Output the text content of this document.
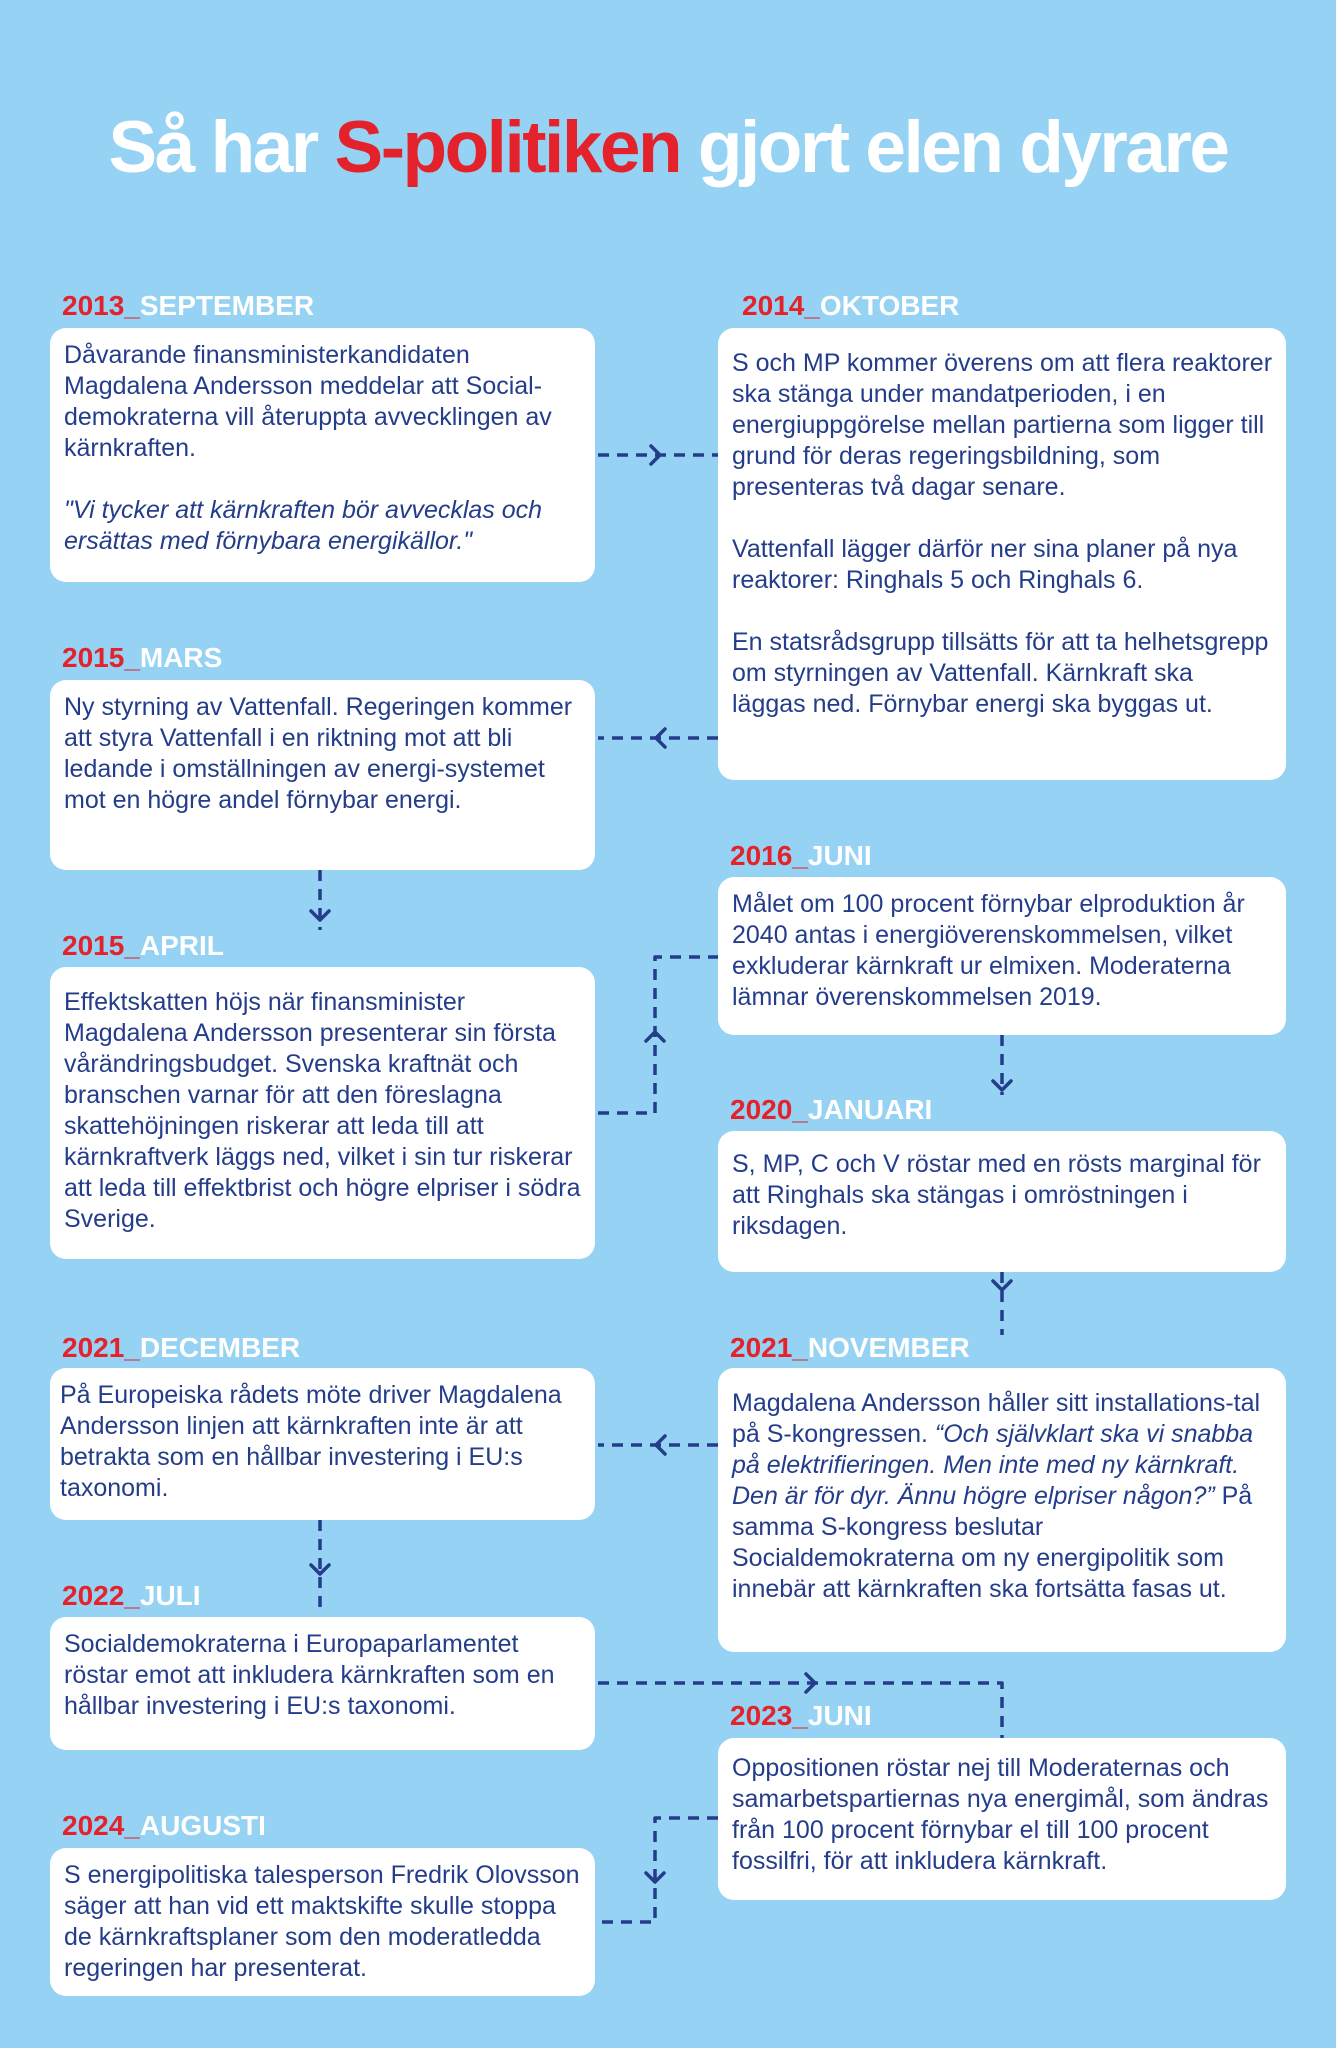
Så har S-politiken gjort elen dyrare
2013_SEPTEMBER

Dåvarande finansministerkandidaten Magdalena Andersson meddelar att Social-demokraterna vill återuppta avvecklingen av kärnkraften.

"Vi tycker att kärnkraften bör avvecklas och ersättas med förnybara energikällor."

2014_OKTOBER

S och MP kommer överens om att flera reaktorer ska stänga under mandatperioden, i en energiuppgörelse mellan partierna som ligger till grund för deras regeringsbildning, som presenteras två dagar senare.

Vattenfall lägger därför ner sina planer på nya reaktorer: Ringhals 5 och Ringhals 6.

En statsrådsgrupp tillsätts för att ta helhetsgrepp om styrningen av Vattenfall. Kärnkraft ska läggas ned. Förnybar energi ska byggas ut.

2015_MARS

Ny styrning av Vattenfall. Regeringen kommer att styra Vattenfall i en riktning mot att bli ledande i omställningen av energi-systemet mot en högre andel förnybar energi.

2016_JUNI

Målet om 100 procent förnybar elproduktion år 2040 antas i energiöverenskommelsen, vilket exkluderar kärnkraft ur elmixen. Moderaterna lämnar överenskommelsen 2019.

2015_APRIL

Effektskatten höjs när finansminister Magdalena Andersson presenterar sin första vårändringsbudget. Svenska kraftnät och branschen varnar för att den föreslagna skattehöjningen riskerar att leda till att kärnkraftverk läggs ned, vilket i sin tur riskerar att leda till effektbrist och högre elpriser i södra Sverige.

2020_JANUARI

S, MP, C och V röstar med en rösts marginal för att Ringhals ska stängas i omröstningen i riksdagen.

2021_DECEMBER

På Europeiska rådets möte driver Magdalena Andersson linjen att kärnkraften inte är att betrakta som en hållbar investering i EU:s taxonomi.

2021_NOVEMBER

Magdalena Andersson håller sitt installations-tal på S-kongressen. “Och självklart ska vi snabba på elektrifieringen. Men inte med ny kärnkraft. Den är för dyr. Ännu högre elpriser någon?” På samma S-kongress beslutar Socialdemokraterna om ny energipolitik som innebär att kärnkraften ska fortsätta fasas ut.

2022_JULI

Socialdemokraterna i Europaparlamentet röstar emot att inkludera kärnkraften som en hållbar investering i EU:s taxonomi.	2023_JUNI

Oppositionen röstar nej till Moderaternas och samarbetspartiernas nya energimål, som ändras från 100 procent förnybar el till 100 procent fossilfri, för att inkludera kärnkraft.

2024_AUGUSTI

S energipolitiska talesperson Fredrik Olovsson säger att han vid ett maktskifte skulle stoppa de kärnkraftsplaner som den moderatledda regeringen har presenterat.
